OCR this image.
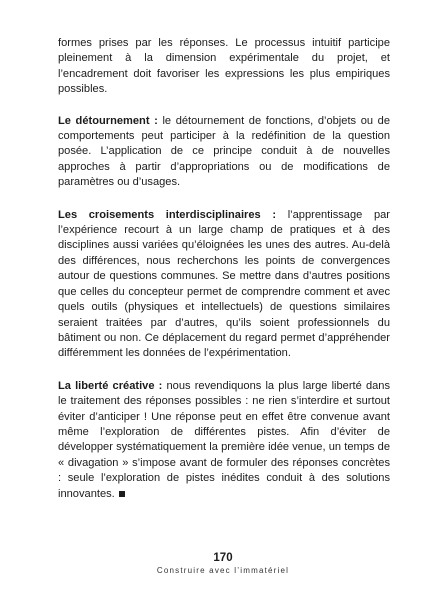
formes prises par les réponses. Le processus intuitif participe pleinement à la dimension expérimentale du projet, et l’encadrement doit favoriser les expressions les plus empiriques possibles.

Le détournement : le détournement de fonctions, d’objets ou de comportements peut participer à la redéfinition de la question posée. L’application de ce principe conduit à de nouvelles approches à partir d’appropriations ou de modifications de paramètres ou d’usages.

Les croisements interdisciplinaires : l’apprentissage par l’expérience recourt à un large champ de pratiques et à des disciplines aussi variées qu’éloignées les unes des autres. Au-delà des différences, nous recherchons les points de convergences autour de questions communes. Se mettre dans d’autres positions que celles du concepteur permet de comprendre comment et avec quels outils (physiques et intellectuels) de questions similaires seraient traitées par d’autres, qu’ils soient professionnels du bâtiment ou non. Ce déplacement du regard permet d’appréhender différemment les données de l’expérimentation.

La liberté créative : nous revendiquons la plus large liberté dans le traitement des réponses possibles : ne rien s’interdire et surtout éviter d’anticiper ! Une réponse peut en effet être convenue avant même l’exploration de différentes pistes. Afin d’éviter de développer systématiquement la première idée venue, un temps de « divagation » s’impose avant de formuler des réponses concrètes : seule l’exploration de pistes inédites conduit à des solutions innovantes.

170
Construire avec l’immatériel
